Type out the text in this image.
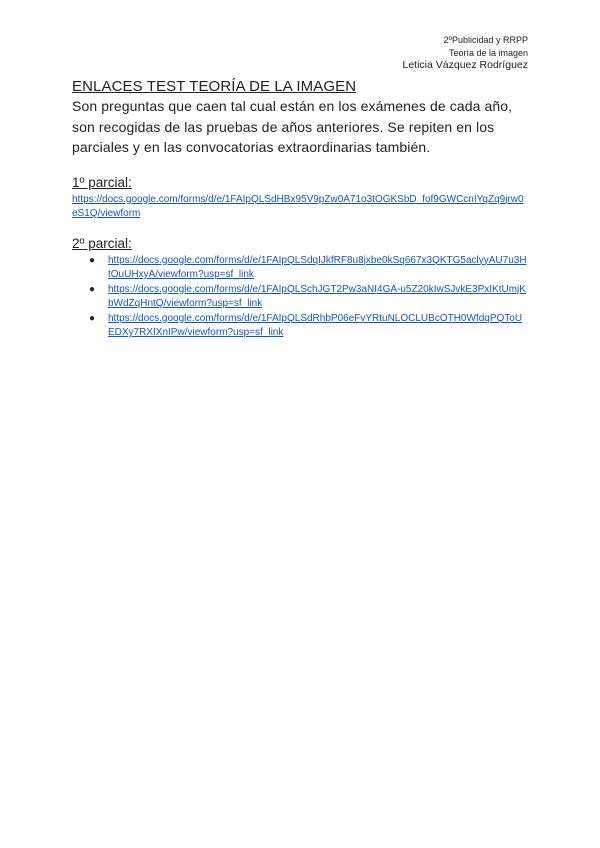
2ºPublicidad y RRPP
Teoría de la imagen
Leticia Vázquez Rodríguez

ENLACES TEST TEORÍA DE LA IMAGEN

Son preguntas que caen tal cual están en los exámenes de cada año, son recogidas de las pruebas de años anteriores. Se repiten en los parciales y en las convocatorias extraordinarias también.

1º parcial:

https://docs.google.com/forms/d/e/1FAIpQLSdHBx95V9pZw0A71o3tOGKSbD_fof9GWCcnIYqZq9jrw0eS1Q/viewform

2º parcial:

● https://docs.google.com/forms/d/e/1FAIpQLSdqIJkfRF8u8jxbe0kSq667x3QKTG5aclyyAU7u3HtOuUHxyA/viewform?usp=sf_link
● https://docs.google.com/forms/d/e/1FAIpQLSchJGT2Pw3aNI4GA-u5Z20kIwSJvkE3PxIKtUmjKbWdZqHntQ/viewform?usp=sf_link
● https://docs.google.com/forms/d/e/1FAIpQLSdRhbP06eFvYRtuNLOCLUBcOTH0WfdqPQToUEDXy7RXIXnIPw/viewform?usp=sf_link
